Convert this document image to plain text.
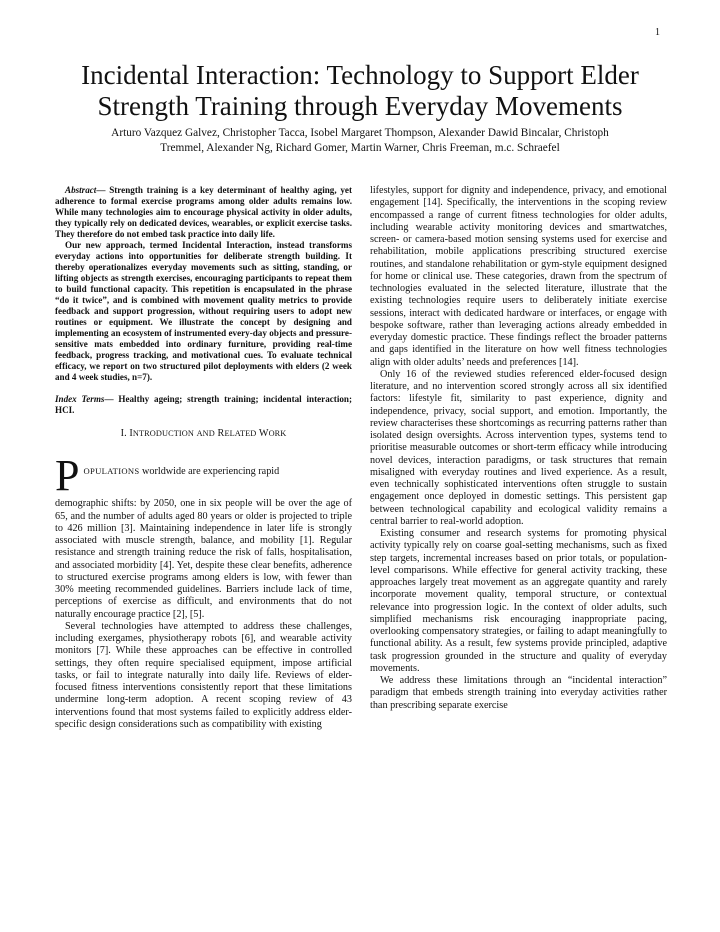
1
Incidental Interaction: Technology to Support Elder Strength Training through Everyday Movements
Arturo Vazquez Galvez, Christopher Tacca, Isobel Margaret Thompson, Alexander Dawid Bincalar, Christoph
Tremmel, Alexander Ng, Richard Gomer, Martin Warner, Chris Freeman, m.c. Schraefel

Abstract— Strength training is a key determinant of healthy aging, yet adherence to formal exercise programs among older adults remains low. While many technologies aim to encourage physical activity in older adults, they typically rely on dedicated devices, wearables, or explicit exercise tasks. They therefore do not embed task practice into daily life.

Our new approach, termed Incidental Interaction, instead transforms everyday actions into opportunities for deliberate strength building. It thereby operationalizes everyday movements such as sitting, standing, or lifting objects as strength exercises, encouraging participants to repeat them to build functional capacity. This repetition is encapsulated in the phrase “do it twice”, and is combined with movement quality metrics to provide feedback and support progression, without requiring users to adopt new routines or equipment. We illustrate the concept by designing and implementing an ecosystem of instrumented every-day objects and pressure-sensitive mats embedded into ordinary furniture, providing real-time feedback, progress tracking, and motivational cues. To evaluate technical efficacy, we report on two structured pilot deployments with elders (2 week and 4 week studies, n=7).

Index Terms— Healthy ageing; strength training; incidental interaction; HCI.
I. INTRODUCTION AND RELATED WORK
P OPULATIONS worldwide are experiencing rapid

demographic shifts: by 2050, one in six people will be over the age of 65, and the number of adults aged 80 years or older is projected to triple to 426 million [3]. Maintaining independence in later life is strongly associated with muscle strength, balance, and mobility [1]. Regular resistance and strength training reduce the risk of falls, hospitalisation, and associated morbidity [4]. Yet, despite these clear benefits, adherence to structured exercise programs among elders is low, with fewer than 30% meeting recommended guidelines. Barriers include lack of time, perceptions of exercise as difficult, and environments that do not naturally encourage practice [2], [5].

Several technologies have attempted to address these challenges, including exergames, physiotherapy robots [6], and wearable activity monitors [7]. While these approaches can be effective in controlled settings, they often require specialised equipment, impose artificial tasks, or fail to integrate naturally into daily life. Reviews of elder-focused fitness interventions consistently report that these limitations undermine long-term adoption. A recent scoping review of 43 interventions found that most systems failed to explicitly address elder-specific design considerations such as compatibility with existing

lifestyles, support for dignity and independence, privacy, and emotional engagement [14]. Specifically, the interventions in the scoping review encompassed a range of current fitness technologies for older adults, including wearable activity monitoring devices and smartwatches, screen- or camera-based motion sensing systems used for exercise and rehabilitation, mobile applications prescribing structured exercise routines, and standalone rehabilitation or gym-style equipment designed for home or clinical use. These categories, drawn from the spectrum of technologies evaluated in the selected literature, illustrate that the existing technologies require users to deliberately initiate exercise sessions, interact with dedicated hardware or interfaces, or engage with bespoke software, rather than leveraging actions already embedded in everyday domestic practice. These findings reflect the broader patterns and gaps identified in the literature on how well fitness technologies align with older adults’ needs and preferences [14].

Only 16 of the reviewed studies referenced elder-focused design literature, and no intervention scored strongly across all six identified factors: lifestyle fit, similarity to past experience, dignity and independence, privacy, social support, and emotion. Importantly, the review characterises these shortcomings as recurring patterns rather than isolated design oversights. Across intervention types, systems tend to prioritise measurable outcomes or short-term efficacy while introducing novel devices, interaction paradigms, or task structures that remain misaligned with everyday routines and lived experience. As a result, even technically sophisticated interventions often struggle to sustain engagement once deployed in domestic settings. This persistent gap between technological capability and ecological validity remains a central barrier to real-world adoption.

Existing consumer and research systems for promoting physical activity typically rely on coarse goal-setting mechanisms, such as fixed step targets, incremental increases based on prior totals, or population-level comparisons. While effective for general activity tracking, these approaches largely treat movement as an aggregate quantity and rarely incorporate movement quality, temporal structure, or contextual relevance into progression logic. In the context of older adults, such simplified mechanisms risk encouraging inappropriate pacing, overlooking compensatory strategies, or failing to adapt meaningfully to functional ability. As a result, few systems provide principled, adaptive task progression grounded in the structure and quality of everyday movements.

We address these limitations through an “incidental interaction” paradigm that embeds strength training into everyday activities rather than prescribing separate exercise
